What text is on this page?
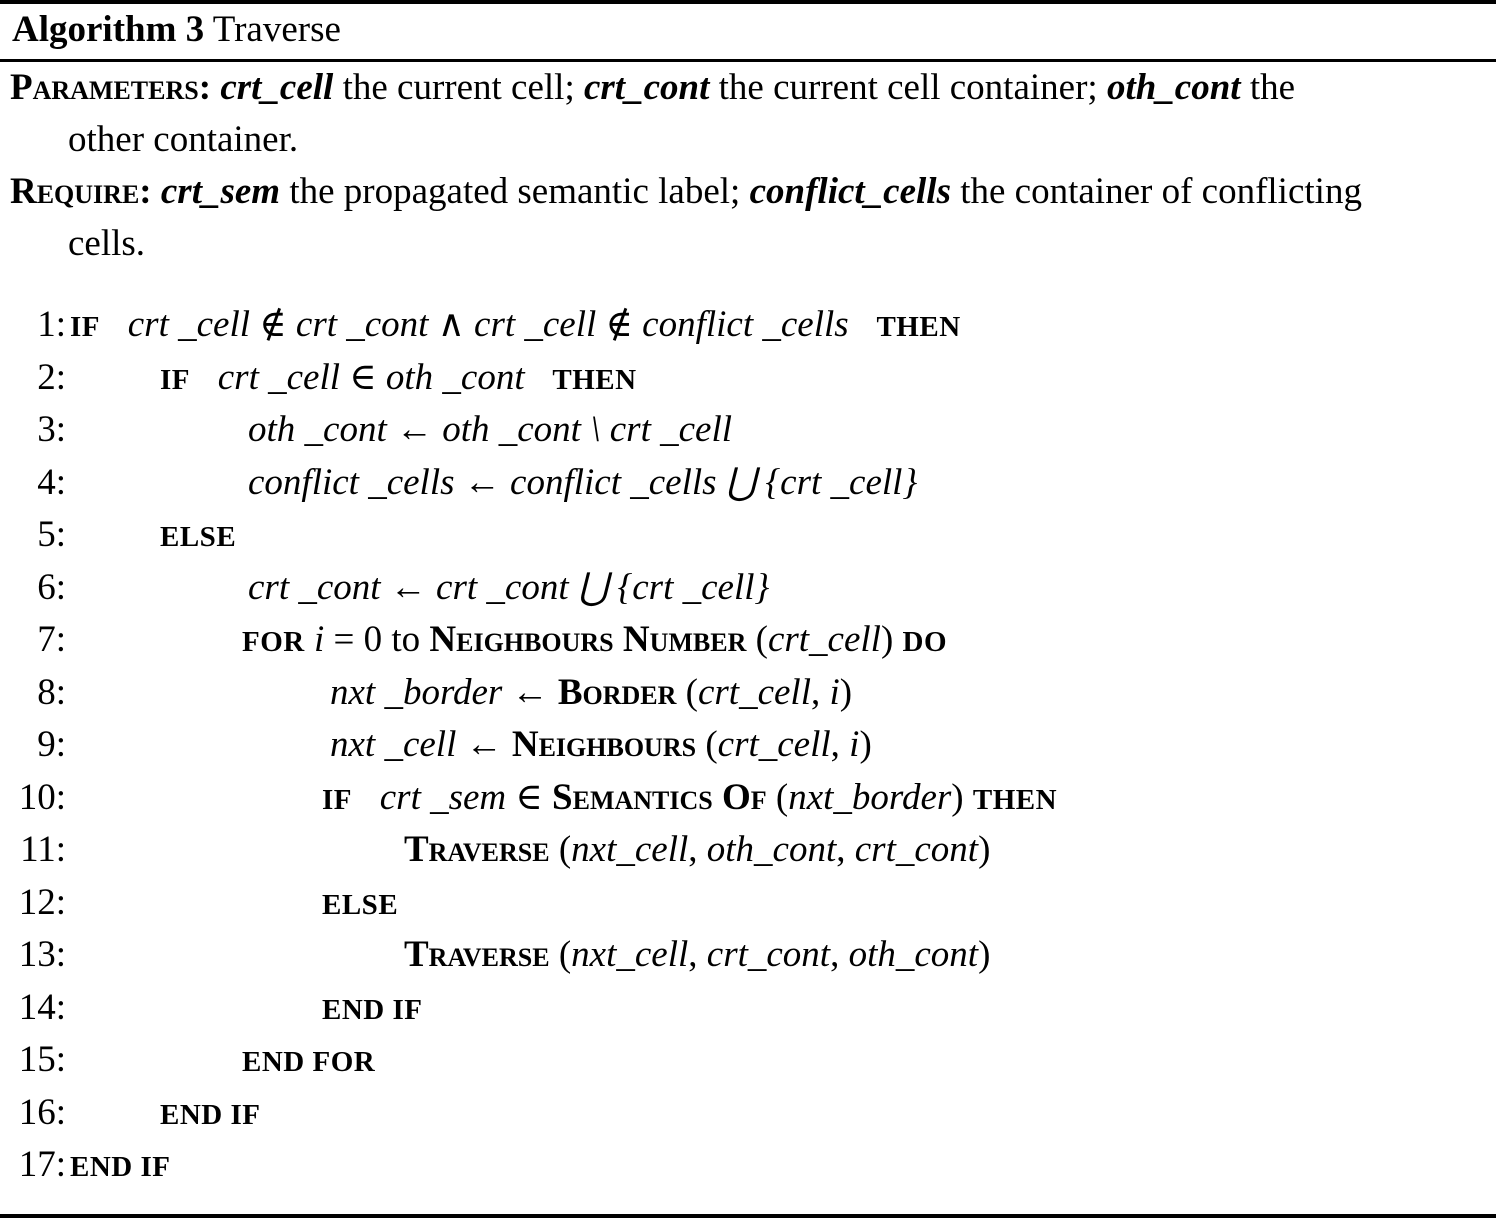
Algorithm 3 Traverse
Parameters: crt_cell the current cell; crt_cont the current cell container; oth_cont the
other container.
Require: crt_sem the propagated semantic label; conflict_cells the container of conflicting
cells.
1: IF   crt _cell ∉ crt _cont ∧ crt _cell ∉ conflict _cells   THEN
2:	IF   crt _cell ∈ oth _cont   THEN
3:	oth _cont ← oth _cont \ crt _cell
4:	conflict _cells ← conflict _cells ⋃ {crt _cell}
5:	ELSE
6:	crt _cont ← crt _cont ⋃ {crt _cell}
7:	FOR i = 0 to Neighbours Number (crt_cell) DO
8:	nxt _border ← Border (crt_cell, i)
9:	nxt _cell ← Neighbours (crt_cell, i)
10:	IF   crt _sem ∈ Semantics Of (nxt_border) THEN
11:	Traverse (nxt_cell, oth_cont, crt_cont)
12:	ELSE
13:	Traverse (nxt_cell, crt_cont, oth_cont)
14:	END IF
15:	END FOR
16:	END IF
17: END IF
